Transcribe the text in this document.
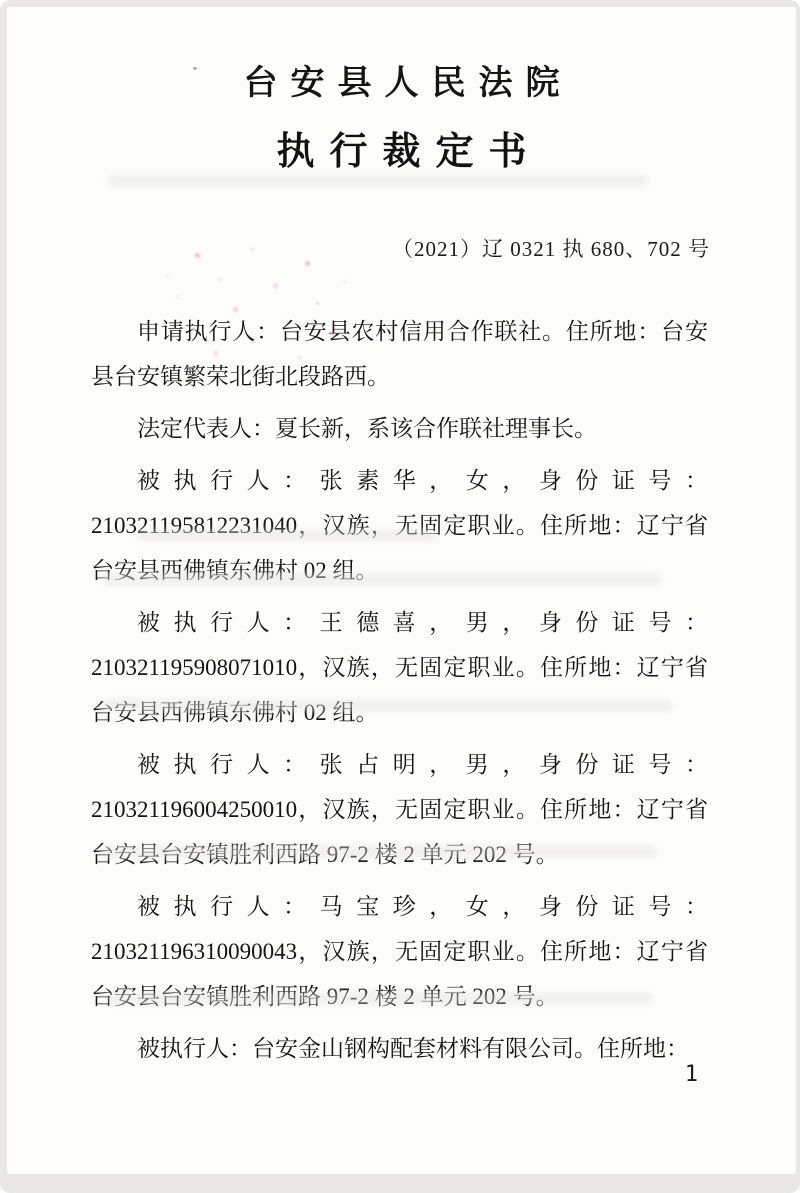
台安县人民法院
执行裁定书
（2021）辽 0321 执 680、702 号

申请执行人：台安县农村信用合作联社。住所地：台安县台安镇繁荣北街北段路西。

法定代表人：夏长新，系该合作联社理事长。

被执行人：张素华，女，身份证号：210321195812231040，汉族，无固定职业。住所地：辽宁省台安县西佛镇东佛村 02 组。

被执行人：王德喜，男，身份证号：210321195908071010，汉族，无固定职业。住所地：辽宁省台安县西佛镇东佛村 02 组。

被执行人：张占明，男，身份证号：210321196004250010，汉族，无固定职业。住所地：辽宁省台安县台安镇胜利西路 97-2 楼 2 单元 202 号。

被执行人：马宝珍，女，身份证号：210321196310090043，汉族，无固定职业。住所地：辽宁省台安县台安镇胜利西路 97-2 楼 2 单元 202 号。

被执行人：台安金山钢构配套材料有限公司。住所地：

1
